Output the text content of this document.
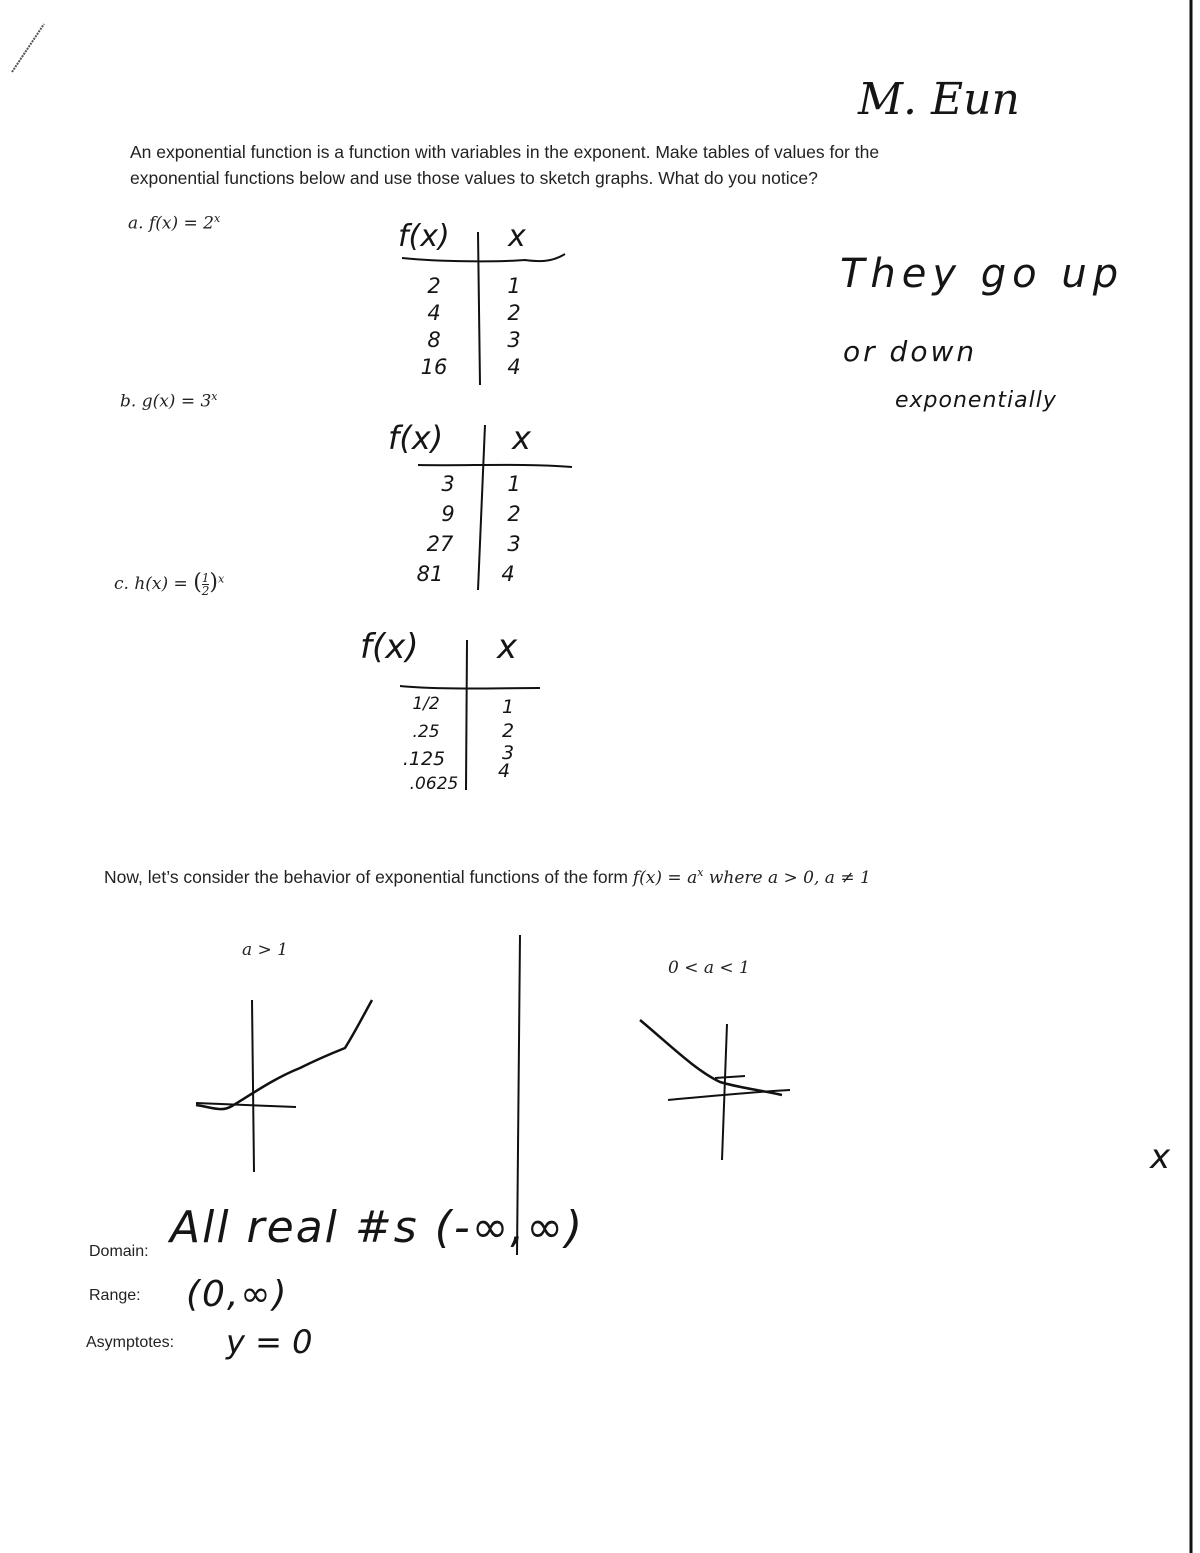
M. Eun
An exponential function is a function with variables in the exponent. Make tables of values for the
exponential functions below and use those values to sketch graphs. What do you notice?
a. $f(x) = 2^x$
b. $g(x) = 3^x$
c. h(x) = ( $\frac{1}{2} )^x$
f(x) x
2
4
8
16
1
2
3
4
f(x) x
3
9
27
81
1
2
3
4
f(x) x
1/2
.25
.125
.0625
1
2
3
4
They go up
or down
exponentially
Now, let’s consider the behavior of exponential functions of the form $f(x) = a^x$ where a > 0, a ≠ 1
a > 1
0 < a < 1
Domain: All real #s (-∞,∞)
Range: (0,∞)
Asymptotes: y = 0
x
